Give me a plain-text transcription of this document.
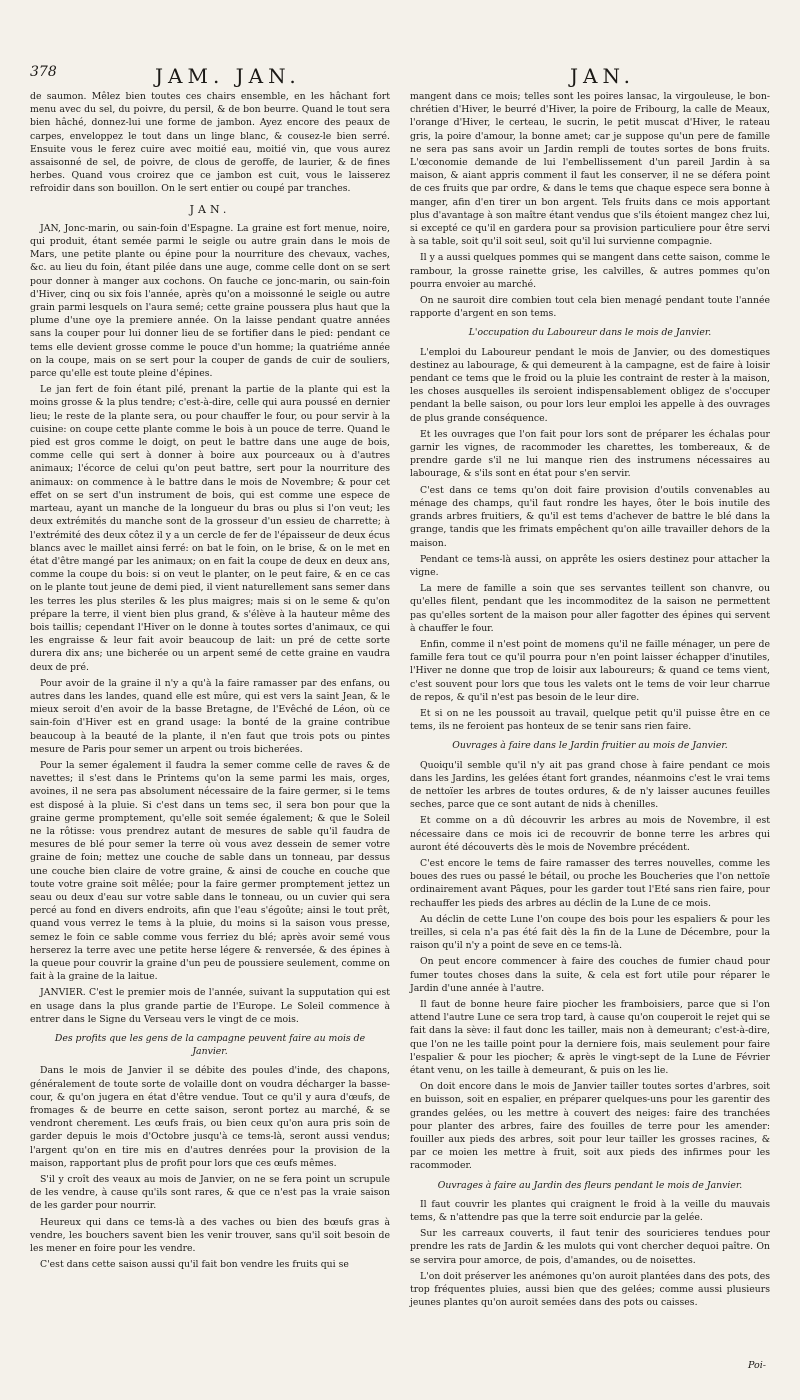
378	JAM. JAN.	JAN.

de saumon. Mêlez bien toutes ces chairs ensemble, en les hâchant fort menu avec du sel, du poivre, du persil, & de bon beurre. Quand le tout sera bien hâché, donnez-lui une forme de jambon. Ayez encore des peaux de carpes, enveloppez le tout dans un linge blanc, & cousez-le bien serré. Ensuite vous le ferez cuire avec moitié eau, moitié vin, que vous aurez assaisonné de sel, de poivre, de clous de geroffe, de laurier, & de fines herbes. Quand vous croirez que ce jambon est cuit, vous le laisserez refroidir dans son bouillon. On le sert entier ou coupé par tranches.

JAN.

JAN, Jonc-marin, ou sain-foin d'Espagne. La graine est fort menue, noire, qui produit, étant semée parmi le seigle ou autre grain dans le mois de Mars, une petite plante ou épine pour la nourriture des chevaux, vaches, &c. au lieu du foin, étant pilée dans une auge, comme celle dont on se sert pour donner à manger aux cochons. On fauche ce jonc-marin, ou sain-foin d'Hiver, cinq ou six fois l'année, après qu'on a moissonné le seigle ou autre grain parmi lesquels on l'aura semé; cette graine poussera plus haut que la plume d'une oye la premiere année. On la laisse pendant quatre années sans la couper pour lui donner lieu de se fortifier dans le pied: pendant ce tems elle devient grosse comme le pouce d'un homme; la quatriéme année on la coupe, mais on se sert pour la couper de gands de cuir de souliers, parce qu'elle est toute pleine d'épines.

Le jan fert de foin étant pilé, prenant la partie de la plante qui est la moins grosse & la plus tendre; c'est-à-dire, celle qui aura poussé en dernier lieu; le reste de la plante sera, ou pour chauffer le four, ou pour servir à la cuisine: on coupe cette plante comme le bois à un pouce de terre. Quand le pied est gros comme le doigt, on peut le battre dans une auge de bois, comme celle qui sert à donner à boire aux pourceaux ou à d'autres animaux; l'écorce de celui qu'on peut battre, sert pour la nourriture des animaux: on commence à le battre dans le mois de Novembre; & pour cet effet on se sert d'un instrument de bois, qui est comme une espece de marteau, ayant un manche de la longueur du bras ou plus si l'on veut; les deux extrémités du manche sont de la grosseur d'un essieu de charrette; à l'extrémité des deux côtez il y a un cercle de fer de l'épaisseur de deux écus blancs avec le maillet ainsi ferré: on bat le foin, on le brise, & on le met en état d'être mangé par les animaux; on en fait la coupe de deux en deux ans, comme la coupe du bois: si on veut le planter, on le peut faire, & en ce cas on le plante tout jeune de demi pied, il vient naturellement sans semer dans les terres les plus steriles & les plus maigres; mais si on le seme & qu'on prépare la terre, il vient bien plus grand, & s'élève à la hauteur même des bois taillis; cependant l'Hiver on le donne à toutes sortes d'animaux, ce qui les engraisse & leur fait avoir beaucoup de lait: un pré de cette sorte durera dix ans; une bicherée ou un arpent semé de cette graine en vaudra deux de pré.

Pour avoir de la graine il n'y a qu'à la faire ramasser par des enfans, ou autres dans les landes, quand elle est mûre, qui est vers la saint Jean, & le mieux seroit d'en avoir de la basse Bretagne, de l'Evêché de Léon, où ce sain-foin d'Hiver est en grand usage: la bonté de la graine contribue beaucoup à la beauté de la plante, il n'en faut que trois pots ou pintes mesure de Paris pour semer un arpent ou trois bicherées.

Pour la semer également il faudra la semer comme celle de raves & de navettes; il s'est dans le Printems qu'on la seme parmi les mais, orges, avoines, il ne sera pas absolument nécessaire de la faire germer, si le tems est disposé à la pluie. Si c'est dans un tems sec, il sera bon pour que la graine germe promptement, qu'elle soit semée également; & que le Soleil ne la rôtisse: vous prendrez autant de mesures de sable qu'il faudra de mesures de blé pour semer la terre où vous avez dessein de semer votre graine de foin; mettez une couche de sable dans un tonneau, par dessus une couche bien claire de votre graine, & ainsi de couche en couche que toute votre graine soit mêlée; pour la faire germer promptement jettez un seau ou deux d'eau sur votre sable dans le tonneau, ou un cuvier qui sera percé au fond en divers endroits, afin que l'eau s'égoûte; ainsi le tout prêt, quand vous verrez le tems à la pluie, du moins si la saison vous presse, semez le foin ce sable comme vous ferriez du blé; après avoir semé vous herserez la terre avec une petite herse légere & renversée, & des épines à la queue pour couvrir la graine d'un peu de poussiere seulement, comme on fait à la graine de la laitue.

JANVIER. C'est le premier mois de l'année, suivant la supputation qui est en usage dans la plus grande partie de l'Europe. Le Soleil commence à entrer dans le Signe du Verseau vers le vingt de ce mois.

Des profits que les gens de la campagne peuvent faire au mois de Janvier.

Dans le mois de Janvier il se débite des poules d'inde, des chapons, généralement de toute sorte de volaille dont on voudra décharger la basse-cour, & qu'on jugera en état d'être vendue. Tout ce qu'il y aura d'œufs, de fromages & de beurre en cette saison, seront portez au marché, & se vendront cherement. Les œufs frais, ou bien ceux qu'on aura pris soin de garder depuis le mois d'Octobre jusqu'à ce tems-là, seront aussi vendus; l'argent qu'on en tire mis en d'autres denrées pour la provision de la maison, rapportant plus de profit pour lors que ces œufs mêmes.

S'il y croît des veaux au mois de Janvier, on ne se fera point un scrupule de les vendre, à cause qu'ils sont rares, & que ce n'est pas la vraie saison de les garder pour nourrir.

Heureux qui dans ce tems-là a des vaches ou bien des bœufs gras à vendre, les bouchers savent bien les venir trouver, sans qu'il soit besoin de les mener en foire pour les vendre.

C'est dans cette saison aussi qu'il fait bon vendre les fruits qui se

mangent dans ce mois; telles sont les poires lansac, la virgouleuse, le bon-chrétien d'Hiver, le beurré d'Hiver, la poire de Fribourg, la calle de Meaux, l'orange d'Hiver, le certeau, le sucrin, le petit muscat d'Hiver, le rateau gris, la poire d'amour, la bonne amet; car je suppose qu'un pere de famille ne sera pas sans avoir un Jardin rempli de toutes sortes de bons fruits. L'œconomie demande de lui l'embellissement d'un pareil Jardin à sa maison, & aiant appris comment il faut les conserver, il ne se défera point de ces fruits que par ordre, & dans le tems que chaque espece sera bonne à manger, afin d'en tirer un bon argent. Tels fruits dans ce mois apportant plus d'avantage à son maître étant vendus que s'ils étoient mangez chez lui, si excepté ce qu'il en gardera pour sa provision particuliere pour être servi à sa table, soit qu'il soit seul, soit qu'il lui survienne compagnie.

Il y a aussi quelques pommes qui se mangent dans cette saison, comme le rambour, la grosse rainette grise, les calvilles, & autres pommes qu'on pourra envoier au marché.

On ne sauroit dire combien tout cela bien menagé pendant toute l'année rapporte d'argent en son tems.

L'occupation du Laboureur dans le mois de Janvier.

L'emploi du Laboureur pendant le mois de Janvier, ou des domestiques destinez au labourage, & qui demeurent à la campagne, est de faire à loisir pendant ce tems que le froid ou la pluie les contraint de rester à la maison, les choses ausquelles ils seroient indispensablement obligez de s'occuper pendant la belle saison, ou pour lors leur emploi les appelle à des ouvrages de plus grande conséquence.

Et les ouvrages que l'on fait pour lors sont de préparer les échalas pour garnir les vignes, de racommoder les charettes, les tombereaux, & de prendre garde s'il ne lui manque rien des instrumens nécessaires au labourage, & s'ils sont en état pour s'en servir.

C'est dans ce tems qu'on doit faire provision d'outils convenables au ménage des champs, qu'il faut rondre les hayes, ôter le bois inutile des grands arbres fruitiers, & qu'il est tems d'achever de battre le blé dans la grange, tandis que les frimats empêchent qu'on aille travailler dehors de la maison.

Pendant ce tems-là aussi, on apprête les osiers destinez pour attacher la vigne.

La mere de famille a soin que ses servantes teillent son chanvre, ou qu'elles filent, pendant que les incommoditez de la saison ne permettent pas qu'elles sortent de la maison pour aller fagotter des épines qui servent à chauffer le four.

Enfin, comme il n'est point de momens qu'il ne faille ménager, un pere de famille fera tout ce qu'il pourra pour n'en point laisser échapper d'inutiles, l'Hiver ne donne que trop de loisir aux laboureurs; & quand ce tems vient, c'est souvent pour lors que tous les valets ont le tems de voir leur charrue de repos, & qu'il n'est pas besoin de le leur dire.

Et si on ne les poussoit au travail, quelque petit qu'il puisse être en ce tems, ils ne feroient pas honteux de se tenir sans rien faire.

Ouvrages à faire dans le Jardin fruitier au mois de Janvier.

Quoiqu'il semble qu'il n'y ait pas grand chose à faire pendant ce mois dans les Jardins, les gelées étant fort grandes, néanmoins c'est le vrai tems de nettoïer les arbres de toutes ordures, & de n'y laisser aucunes feuilles seches, parce que ce sont autant de nids à chenilles.

Et comme on a dû découvrir les arbres au mois de Novembre, il est nécessaire dans ce mois ici de recouvrir de bonne terre les arbres qui auront été découverts dès le mois de Novembre précédent.

C'est encore le tems de faire ramasser des terres nouvelles, comme les boues des rues ou passé le bétail, ou proche les Boucheries que l'on nettoïe ordinairement avant Pâques, pour les garder tout l'Eté sans rien faire, pour rechauffer les pieds des arbres au déclin de la Lune de ce mois.

Au déclin de cette Lune l'on coupe des bois pour les espaliers & pour les treilles, si cela n'a pas été fait dès la fin de la Lune de Décembre, pour la raison qu'il n'y a point de seve en ce tems-là.

On peut encore commencer à faire des couches de fumier chaud pour fumer toutes choses dans la suite, & cela est fort utile pour réparer le Jardin d'une année à l'autre.

Il faut de bonne heure faire piocher les framboisiers, parce que si l'on attend l'autre Lune ce sera trop tard, à cause qu'on couperoit le rejet qui se fait dans la sève: il faut donc les tailler, mais non à demeurant; c'est-à-dire, que l'on ne les taille point pour la derniere fois, mais seulement pour faire l'espalier & pour les piocher; & après le vingt-sept de la Lune de Février étant venu, on les taille à demeurant, & puis on les lie.

On doit encore dans le mois de Janvier tailler toutes sortes d'arbres, soit en buisson, soit en espalier, en préparer quelques-uns pour les garentir des grandes gelées, ou les mettre à couvert des neiges: faire des tranchées pour planter des arbres, faire des fouilles de terre pour les amender: fouiller aux pieds des arbres, soit pour leur tailler les grosses racines, & par ce moien les mettre à fruit, soit aux pieds des infirmes pour les racommoder.

Ouvrages à faire au Jardin des fleurs pendant le mois de Janvier.

Il faut couvrir les plantes qui craignent le froid à la veille du mauvais tems, & n'attendre pas que la terre soit endurcie par la gelée.

Sur les carreaux couverts, il faut tenir des souricieres tendues pour prendre les rats de Jardin & les mulots qui vont chercher dequoi paître. On se servira pour amorce, de pois, d'amandes, ou de noisettes.

L'on doit préserver les anémones qu'on auroit plantées dans des pots, des trop fréquentes pluies, aussi bien que des gelées; comme aussi plusieurs jeunes plantes qu'on auroit semées dans des pots ou caisses.

Poi-
